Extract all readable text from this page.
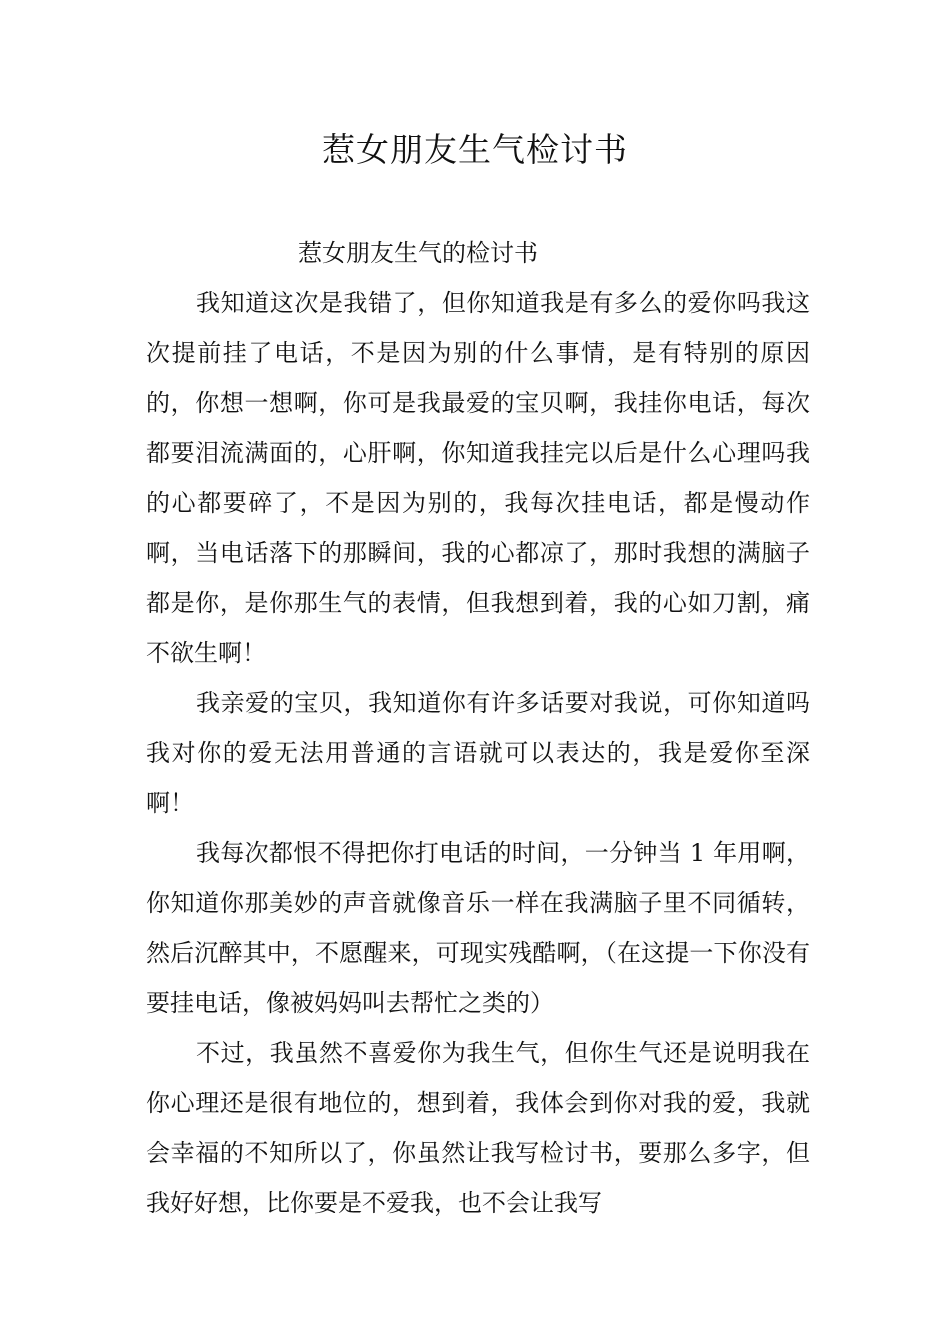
惹女朋友生气检讨书

惹女朋友生气的检讨书

我知道这次是我错了，但你知道我是有多么的爱你吗我这次提前挂了电话，不是因为别的什么事情，是有特别的原因的，你想一想啊，你可是我最爱的宝贝啊，我挂你电话，每次都要泪流满面的，心肝啊，你知道我挂完以后是什么心理吗我的心都要碎了，不是因为别的，我每次挂电话，都是慢动作啊，当电话落下的那瞬间，我的心都凉了，那时我想的满脑子都是你，是你那生气的表情，但我想到着，我的心如刀割，痛不欲生啊！

我亲爱的宝贝，我知道你有许多话要对我说，可你知道吗我对你的爱无法用普通的言语就可以表达的，我是爱你至深啊！

我每次都恨不得把你打电话的时间，一分钟当 1 年用啊，你知道你那美妙的声音就像音乐一样在我满脑子里不同循转，然后沉醉其中，不愿醒来，可现实残酷啊，（在这提一下你没有要挂电话，像被妈妈叫去帮忙之类的）

不过，我虽然不喜爱你为我生气，但你生气还是说明我在你心理还是很有地位的，想到着，我体会到你对我的爱，我就会幸福的不知所以了，你虽然让我写检讨书，要那么多字，但我好好想，比你要是不爱我，也不会让我写
